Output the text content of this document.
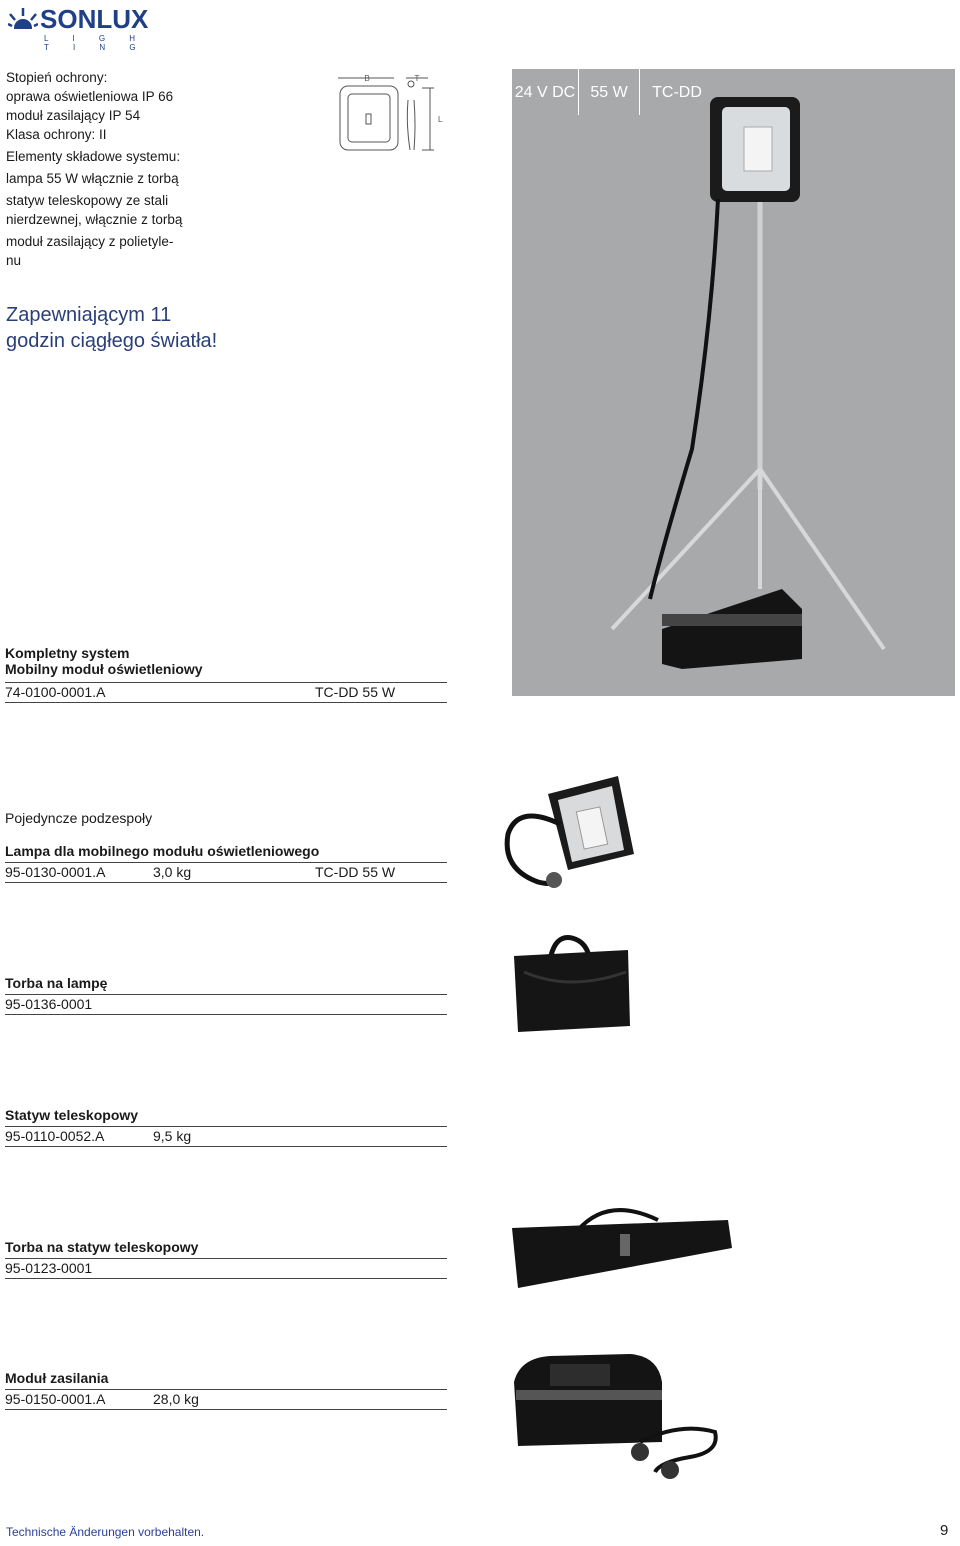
SONLUX
L I G H T I N G

Stopień ochrony:

oprawa oświetleniowa IP 66

moduł zasilający IP 54

Klasa ochrony: II

Elementy składowe systemu:

lampa 55 W włącznie z torbą

statyw teleskopowy ze stali nierdzewnej, włącznie z torbą

moduł zasilający z polietyle-nu

Zapewniającym 11 godzin ciągłego światła!
B	T
L
24 V DC 55 W	TC-DD
Kompletny system
Mobilny moduł oświetleniowy
74-0100-0001.A	TC-DD 55 W
Pojedyncze podzespoły
Lampa dla mobilnego modułu oświetleniowego
95-0130-0001.A	3,0 kg	TC-DD 55 W
Torba na lampę
95-0136-0001
Statyw teleskopowy
95-0110-0052.A	9,5 kg
Torba na statyw teleskopowy
95-0123-0001
Moduł zasilania
95-0150-0001.A	28,0 kg
Technische Änderungen vorbehalten.	9
